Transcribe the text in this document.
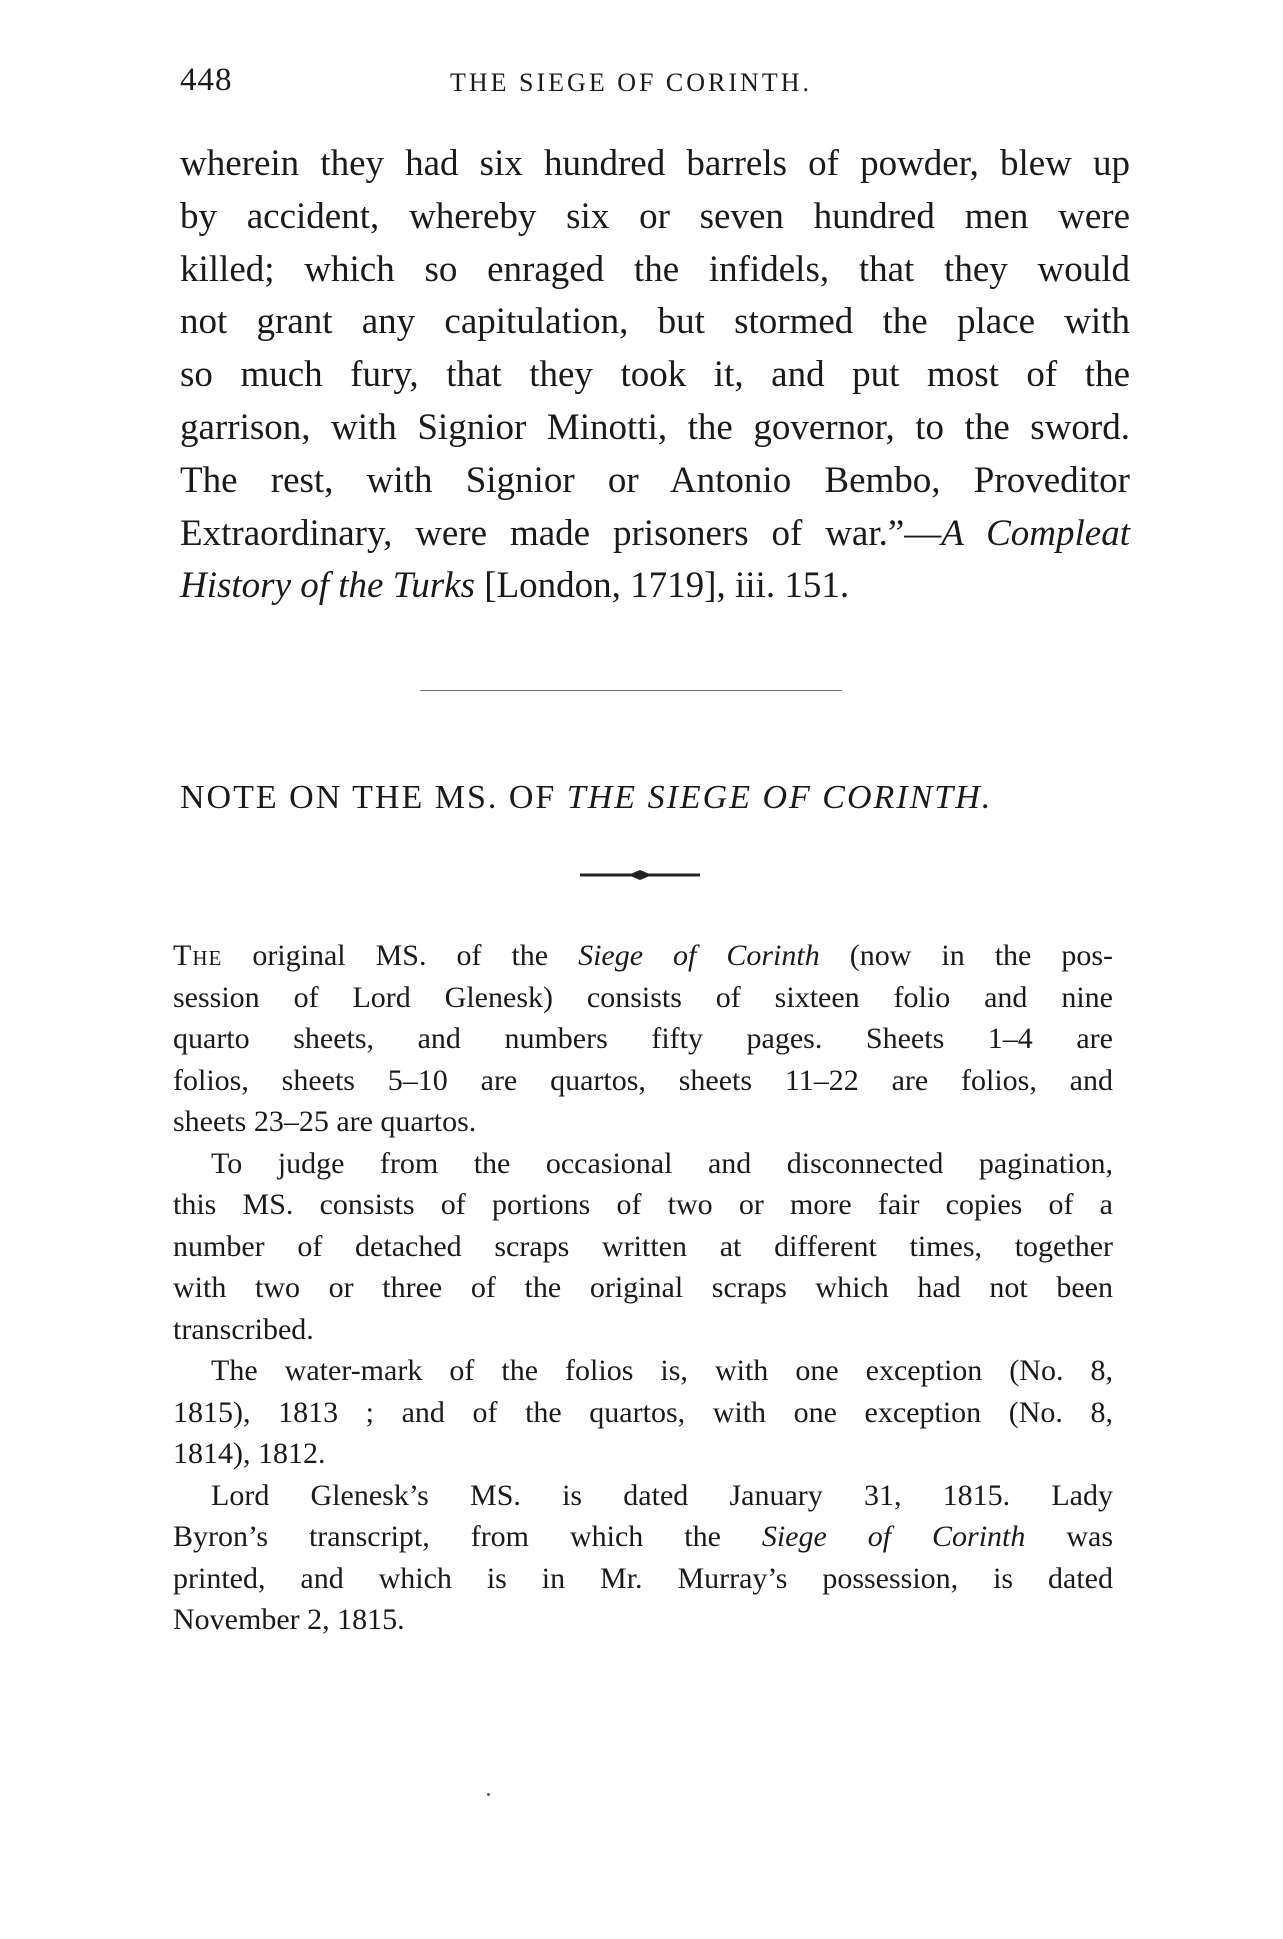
448	THE SIEGE OF CORINTH.
wherein they had six hundred barrels of powder, blew up
by accident, whereby six or seven hundred men were
killed; which so enraged the infidels, that they would
not grant any capitulation, but stormed the place with
so much fury, that they took it, and put most of the
garrison, with Signior Minotti, the governor, to the sword.
The rest, with Signior or Antonio Bembo, Proveditor
Extraordinary, were made prisoners of war.”—A Compleat
History of the Turks [London, 1719], iii. 151.
NOTE ON THE MS. OF THE SIEGE OF CORINTH.

The original MS. of the Siege of Corinth (now in the pos-
session of Lord Glenesk) consists of sixteen folio and nine
quarto sheets, and numbers fifty pages. Sheets 1–4 are
folios, sheets 5–10 are quartos, sheets 11–22 are folios, and
sheets 23–25 are quartos.

To judge from the occasional and disconnected pagination,
this MS. consists of portions of two or more fair copies of a
number of detached scraps written at different times, together
with two or three of the original scraps which had not been
transcribed.

The water-mark of the folios is, with one exception (No. 8,
1815), 1813 ; and of the quartos, with one exception (No. 8,
1814), 1812.

Lord Glenesk’s MS. is dated January 31, 1815. Lady
Byron’s transcript, from which the Siege of Corinth was
printed, and which is in Mr. Murray’s possession, is dated
November 2, 1815.
